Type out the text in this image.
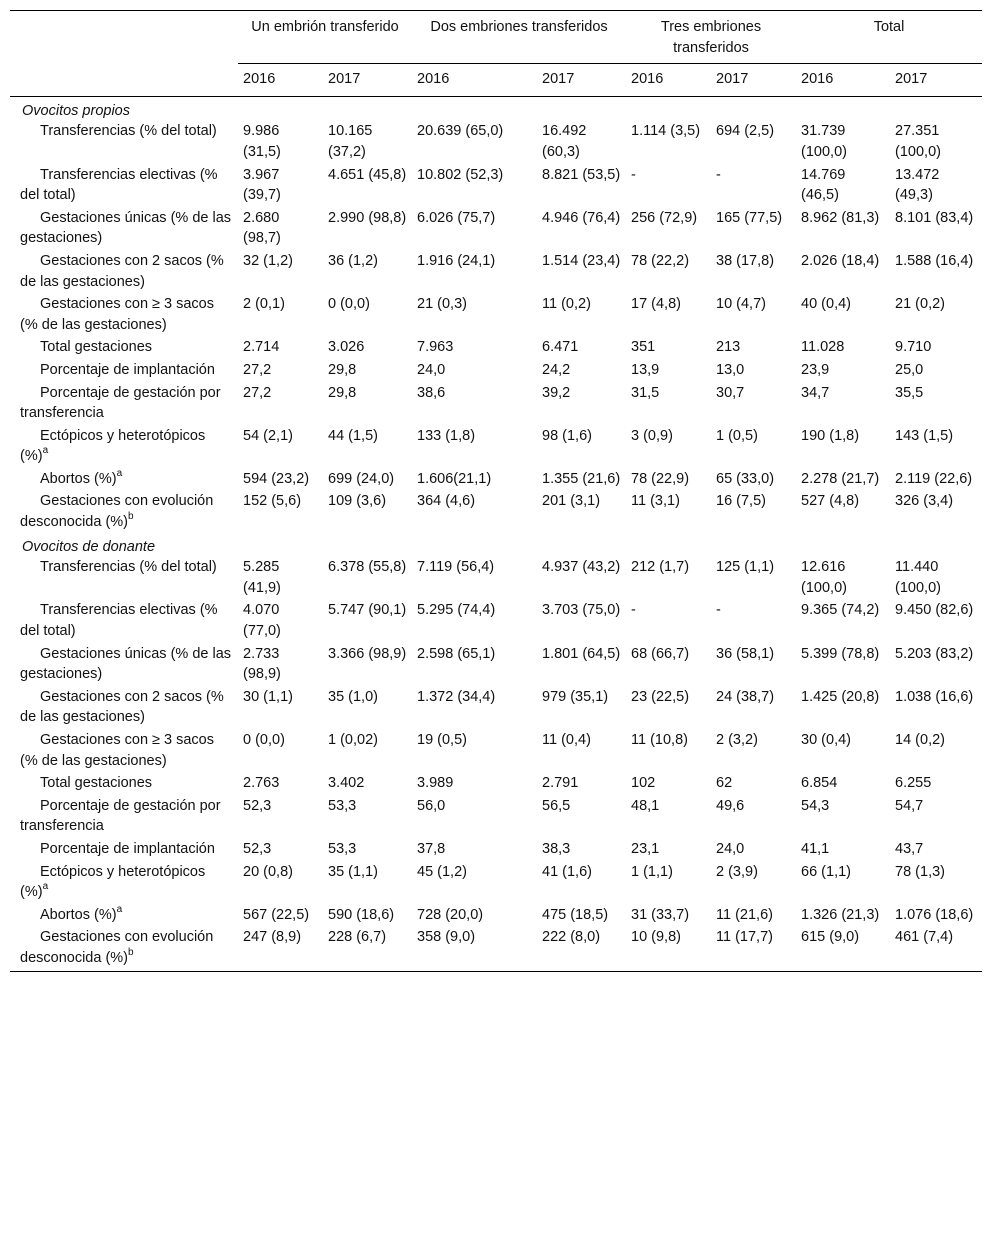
	Un embrión transferido		Dos embriones transferidos		Tres embriones transferidos		Total	
	2016	2017	2016	2017	2016	2017	2016	2017
Ovocitos propios								
Transferencias (% del total)	9.986 (31,5)	10.165 (37,2)	20.639 (65,0)	16.492 (60,3)	1.114 (3,5)	694 (2,5)	31.739 (100,0)	27.351 (100,0)
Transferencias electivas (% del total)	3.967 (39,7)	4.651 (45,8)	10.802 (52,3)	8.821 (53,5)	-	-	14.769 (46,5)	13.472 (49,3)
Gestaciones únicas (% de las gestaciones)	2.680 (98,7)	2.990 (98,8)	6.026 (75,7)	4.946 (76,4)	256 (72,9)	165 (77,5)	8.962 (81,3)	8.101 (83,4)
Gestaciones con 2 sacos (% de las gestaciones)	32 (1,2)	36 (1,2)	1.916 (24,1)	1.514 (23,4)	78 (22,2)	38 (17,8)	2.026 (18,4)	1.588 (16,4)
Gestaciones con ≥ 3 sacos (% de las gestaciones)	2 (0,1)	0 (0,0)	21 (0,3)	11 (0,2)	17 (4,8)	10 (4,7)	40 (0,4)	21 (0,2)
Total gestaciones	2.714	3.026	7.963	6.471	351	213	11.028	9.710
Porcentaje de implantación	27,2	29,8	24,0	24,2	13,9	13,0	23,9	25,0
Porcentaje de gestación por transferencia	27,2	29,8	38,6	39,2	31,5	30,7	34,7	35,5
Ectópicos y heterotópicos (%)$^a$	54 (2,1)	44 (1,5)	133 (1,8)	98 (1,6)	3 (0,9)	1 (0,5)	190 (1,8)	143 (1,5)
Abortos (%)$^a$	594 (23,2)	699 (24,0)	1.606(21,1)	1.355 (21,6)	78 (22,9)	65 (33,0)	2.278 (21,7)	2.119 (22,6)
Gestaciones con evolución desconocida (%)$^b$	152 (5,6)	109 (3,6)	364 (4,6)	201 (3,1)	11 (3,1)	16 (7,5)	527 (4,8)	326 (3,4)
Ovocitos de donante								
Transferencias (% del total)	5.285 (41,9)	6.378 (55,8)	7.119 (56,4)	4.937 (43,2)	212 (1,7)	125 (1,1)	12.616 (100,0)	11.440 (100,0)
Transferencias electivas (% del total)	4.070 (77,0)	5.747 (90,1)	5.295 (74,4)	3.703 (75,0)	-	-	9.365 (74,2)	9.450 (82,6)
Gestaciones únicas (% de las gestaciones)	2.733 (98,9)	3.366 (98,9)	2.598 (65,1)	1.801 (64,5)	68 (66,7)	36 (58,1)	5.399 (78,8)	5.203 (83,2)
Gestaciones con 2 sacos (% de las gestaciones)	30 (1,1)	35 (1,0)	1.372 (34,4)	979 (35,1)	23 (22,5)	24 (38,7)	1.425 (20,8)	1.038 (16,6)
Gestaciones con ≥ 3 sacos (% de las gestaciones)	0 (0,0)	1 (0,02)	19 (0,5)	11 (0,4)	11 (10,8)	2 (3,2)	30 (0,4)	14 (0,2)
Total gestaciones	2.763	3.402	3.989	2.791	102	62	6.854	6.255
Porcentaje de gestación por transferencia	52,3	53,3	56,0	56,5	48,1	49,6	54,3	54,7
Porcentaje de implantación	52,3	53,3	37,8	38,3	23,1	24,0	41,1	43,7
Ectópicos y heterotópicos (%)$^a$	20 (0,8)	35 (1,1)	45 (1,2)	41 (1,6)	1 (1,1)	2 (3,9)	66 (1,1)	78 (1,3)
Abortos (%)$^a$	567 (22,5)	590 (18,6)	728 (20,0)	475 (18,5)	31 (33,7)	11 (21,6)	1.326 (21,3)	1.076 (18,6)
Gestaciones con evolución desconocida (%)$^b$	247 (8,9)	228 (6,7)	358 (9,0)	222 (8,0)	10 (9,8)	11 (17,7)	615 (9,0)	461 (7,4)
